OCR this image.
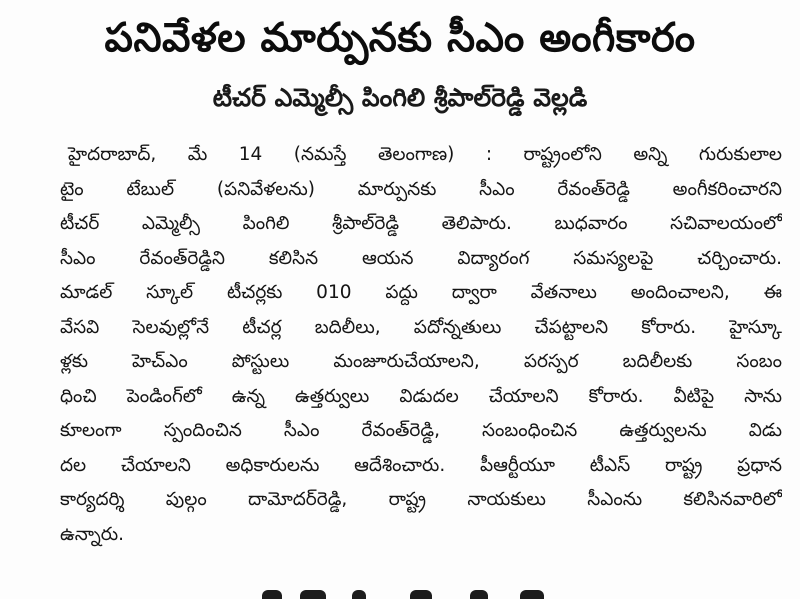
పనివేళల మార్పునకు సీఎం అంగీకారం
టీచర్ ఎమ్మెల్సీ పింగిలి శ్రీపాల్‌రెడ్డి వెల్లడి
హైదరాబాద్, మే 14 (నమస్తే తెలంగాణ) : రాష్ట్రంలోని అన్ని గురుకులాల
టైం టేబుల్ (పనివేళలను) మార్పునకు సీఎం రేవంత్‌రెడ్డి అంగీకరించారని
టీచర్ ఎమ్మెల్సీ పింగిలి శ్రీపాల్‌రెడ్డి తెలిపారు. బుధవారం సచివాలయంలో
సీఎం రేవంత్‌రెడ్డిని కలిసిన ఆయన విద్యారంగ సమస్యలపై చర్చించారు.
మాడల్ స్కూల్ టీచర్లకు 010 పద్దు ద్వారా వేతనాలు అందించాలని, ఈ
వేసవి సెలవుల్లోనే టీచర్ల బదిలీలు, పదోన్నతులు చేపట్టాలని కోరారు. హైస్కూ
ళ్లకు హెచ్‌ఎం పోస్టులు మంజూరుచేయాలని, పరస్పర బదిలీలకు సంబం
ధించి పెండింగ్‌లో ఉన్న ఉత్తర్వులు విడుదల చేయాలని కోరారు. వీటిపై సాను
కూలంగా స్పందించిన సీఎం రేవంత్‌రెడ్డి, సంబంధించిన ఉత్తర్వులను విడు
దల చేయాలని అధికారులను ఆదేశించారు. పీఆర్టీయూ టీఎస్ రాష్ట్ర ప్రధాన
కార్యదర్శి పుల్గం దామోదర్‌రెడ్డి, రాష్ట్ర నాయకులు సీఎంను కలిసినవారిలో
ఉన్నారు.
